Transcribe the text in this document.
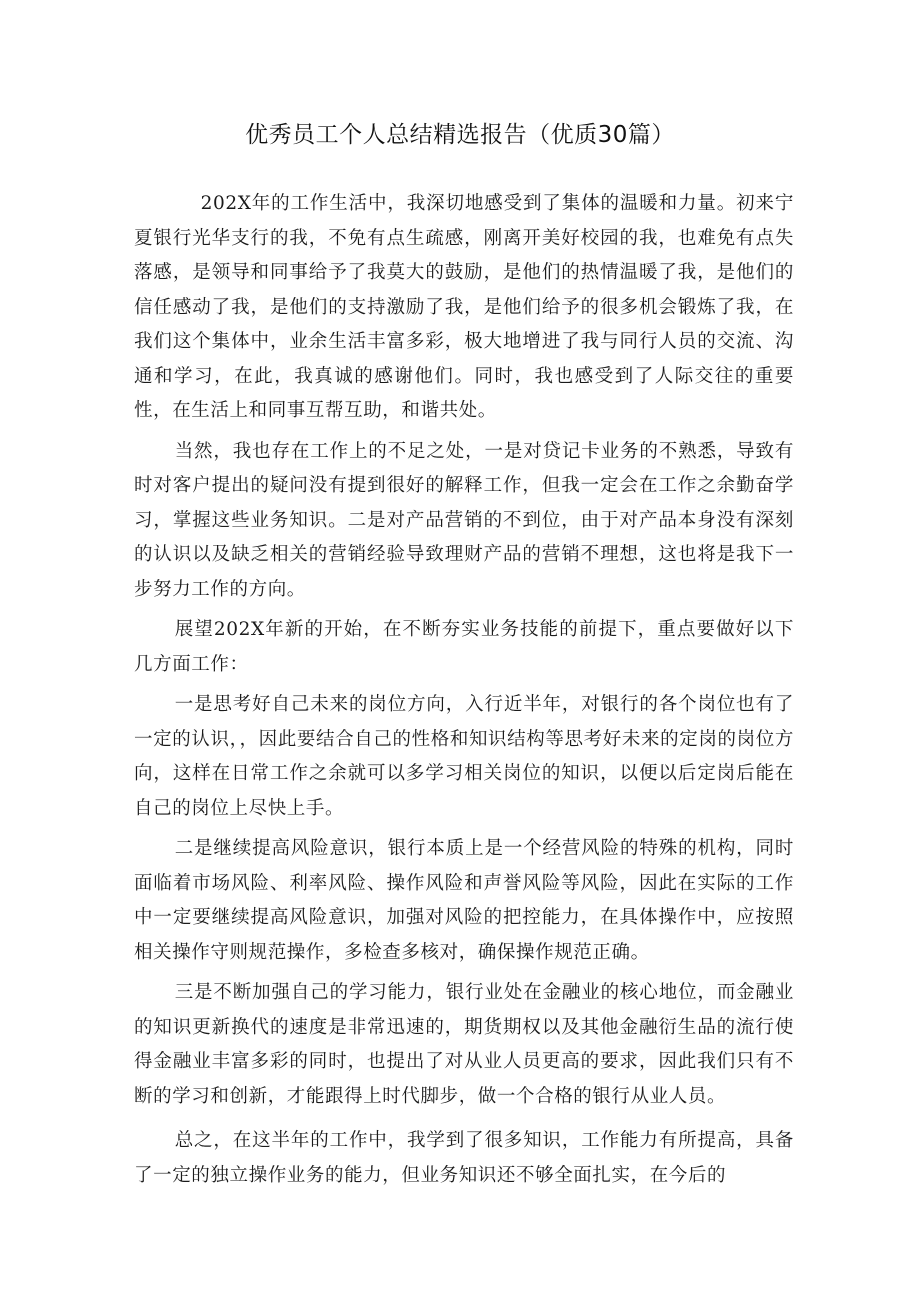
优秀员工个人总结精选报告（优质30篇）

202X年的工作生活中，我深切地感受到了集体的温暖和力量。初来宁夏银行光华支行的我，不免有点生疏感，刚离开美好校园的我，也难免有点失落感，是领导和同事给予了我莫大的鼓励，是他们的热情温暖了我，是他们的信任感动了我，是他们的支持激励了我，是他们给予的很多机会锻炼了我，在我们这个集体中，业余生活丰富多彩，极大地增进了我与同行人员的交流、沟通和学习，在此，我真诚的感谢他们。同时，我也感受到了人际交往的重要性，在生活上和同事互帮互助，和谐共处。

当然，我也存在工作上的不足之处，一是对贷记卡业务的不熟悉，导致有时对客户提出的疑问没有提到很好的解释工作，但我一定会在工作之余勤奋学习，掌握这些业务知识。二是对产品营销的不到位，由于对产品本身没有深刻的认识以及缺乏相关的营销经验导致理财产品的营销不理想，这也将是我下一步努力工作的方向。

展望202X年新的开始，在不断夯实业务技能的前提下，重点要做好以下几方面工作：

一是思考好自己未来的岗位方向，入行近半年，对银行的各个岗位也有了一定的认识，，因此要结合自己的性格和知识结构等思考好未来的定岗的岗位方向，这样在日常工作之余就可以多学习相关岗位的知识，以便以后定岗后能在自己的岗位上尽快上手。

二是继续提高风险意识，银行本质上是一个经营风险的特殊的机构，同时面临着市场风险、利率风险、操作风险和声誉风险等风险，因此在实际的工作中一定要继续提高风险意识，加强对风险的把控能力，在具体操作中，应按照相关操作守则规范操作，多检查多核对，确保操作规范正确。

三是不断加强自己的学习能力，银行业处在金融业的核心地位，而金融业的知识更新换代的速度是非常迅速的，期货期权以及其他金融衍生品的流行使得金融业丰富多彩的同时，也提出了对从业人员更高的要求，因此我们只有不断的学习和创新，才能跟得上时代脚步，做一个合格的银行从业人员。

总之，在这半年的工作中，我学到了很多知识，工作能力有所提高，具备了一定的独立操作业务的能力，但业务知识还不够全面扎实，在今后的
